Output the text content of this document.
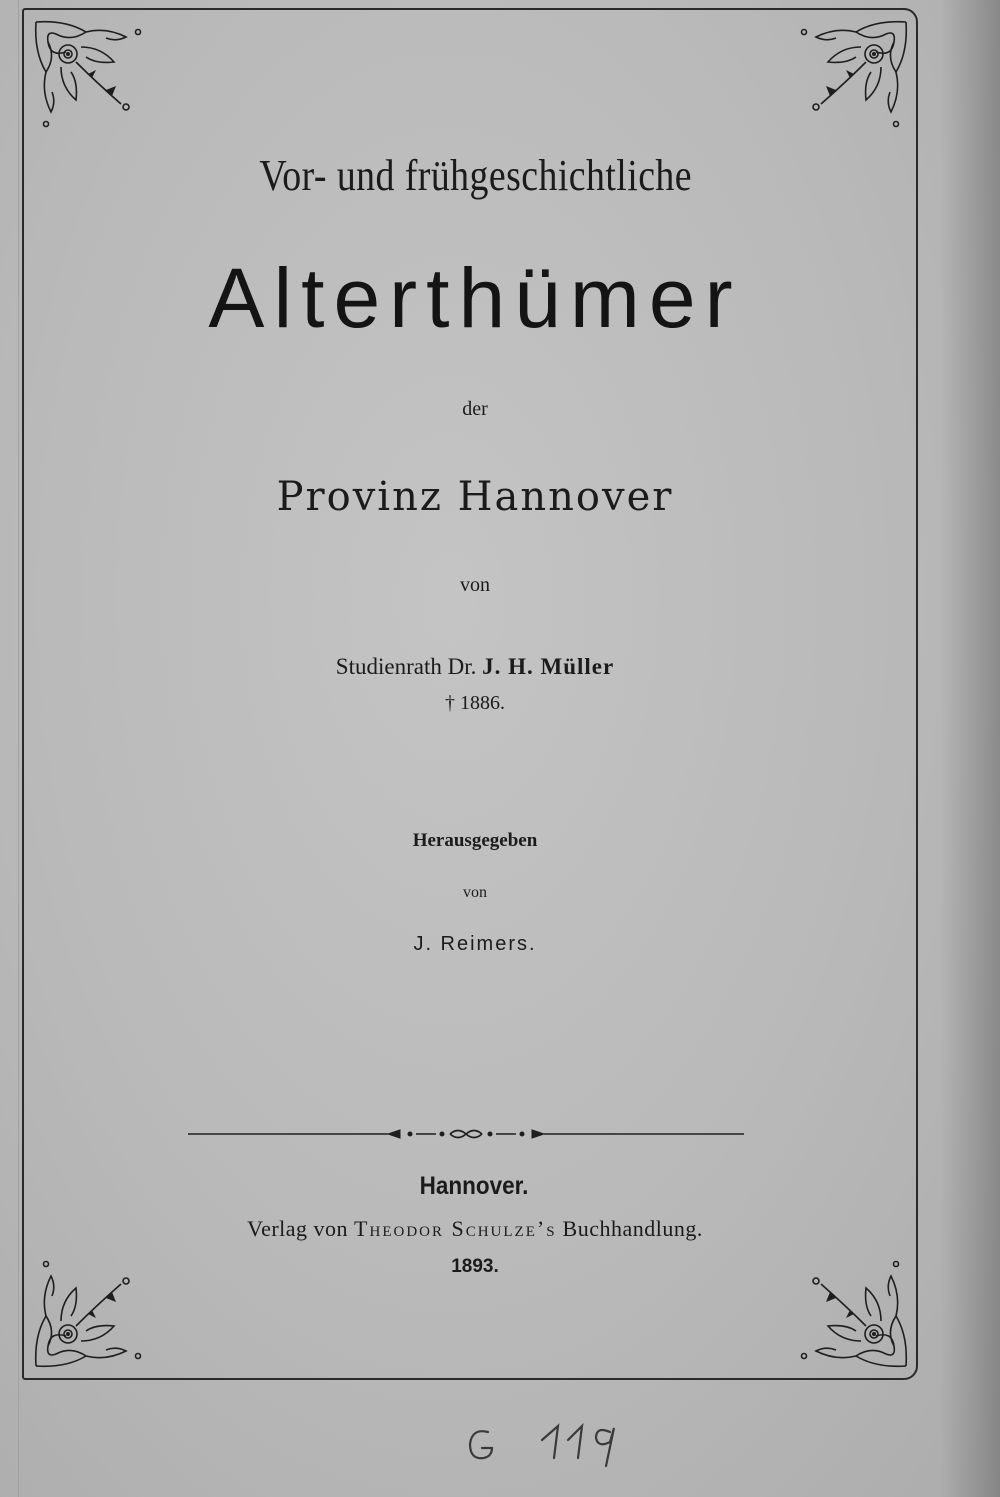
Vor- und frühgeschichtliche
Alterthümer
der
Provinz Hannover
von
Studienrath Dr. J. H. Müller
† 1886.
Herausgegeben
von
J. Reimers.
Hannover.
Verlag von Theodor Schulze’s Buchhandlung.
1893.
